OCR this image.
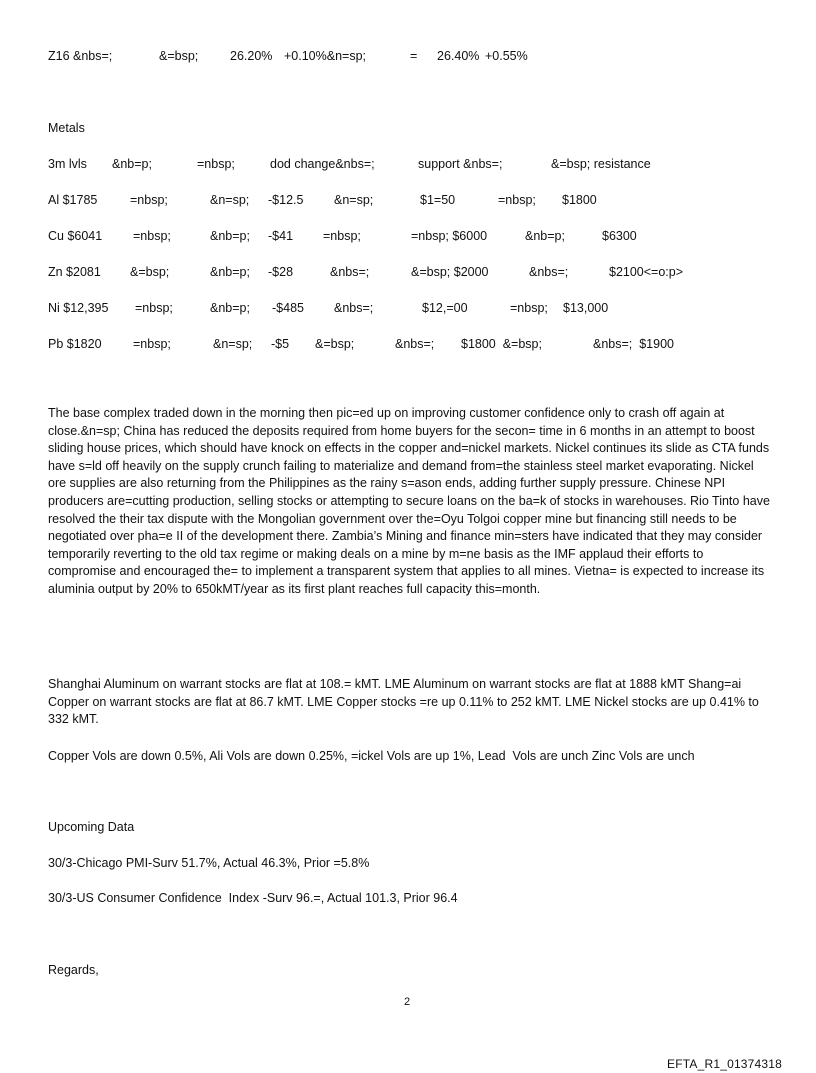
Z16 &nbs=;	&=bsp;	26.20% +0.10%&n=sp;	= 26.40% +0.55%
Metals
3m lvls &nb=p;	=nbsp;	dod change&nbs=;	support &nbs=;	&=bsp; resistance
Al $1785	=nbsp;	&n=sp; -$12.5 &n=sp;	$1=50	=nbsp; $1800
Cu $6041 =nbsp;	&nb=p; -$41 =nbsp;	=nbsp; $6000	&nb=p;	$6300
Zn $2081 &=bsp;	&nb=p; -$28	&nbs=;	&=bsp; $2000	&nbs=;	$2100<=o:p>
Ni $12,395 =nbsp;	&nb=p; -$485 &nbs=;	$12,=00	=nbsp; $13,000
Pb $1820	=nbsp;	&n=sp; -$5 &=bsp;	&nbs=; $1800  &=bsp;	&nbs=;  $1900
The base complex traded down in the morning then pic=ed up on improving customer confidence only to crash off again at close.&n=sp; China has reduced the deposits required from home buyers for the secon= time in 6 months in an attempt to boost sliding house prices, which should have knock on effects in the copper and=nickel markets. Nickel continues its slide as CTA funds have s=ld off heavily on the supply crunch failing to materialize and demand from=the stainless steel market evaporating. Nickel ore supplies are also returning from the Philippines as the rainy s=ason ends, adding further supply pressure. Chinese NPI producers are=cutting production, selling stocks or attempting to secure loans on the ba=k of stocks in warehouses. Rio Tinto have resolved the their tax dispute with the Mongolian government over the=Oyu Tolgoi copper mine but financing still needs to be negotiated over pha=e II of the development there. Zambia’s Mining and finance min=sters have indicated that they may consider temporarily reverting to the old tax regime or making deals on a mine by m=ne basis as the IMF applaud their efforts to compromise and encouraged the= to implement a transparent system that applies to all mines. Vietna= is expected to increase its aluminia output by 20% to 650kMT/year as its first plant reaches full capacity this=month.
Shanghai Aluminum on warrant stocks are flat at 108.= kMT. LME Aluminum on warrant stocks are flat at 1888 kMT Shang=ai Copper on warrant stocks are flat at 86.7 kMT. LME Copper stocks =re up 0.11% to 252 kMT. LME Nickel stocks are up 0.41% to 332 kMT.
Copper Vols are down 0.5%, Ali Vols are down 0.25%, =ickel Vols are up 1%, Lead  Vols are unch Zinc Vols are unch
Upcoming Data
30/3-Chicago PMI-Surv 51.7%, Actual 46.3%, Prior =5.8%
30/3-US Consumer Confidence  Index -Surv 96.=, Actual 101.3, Prior 96.4
Regards,
2
EFTA_R1_01374318
